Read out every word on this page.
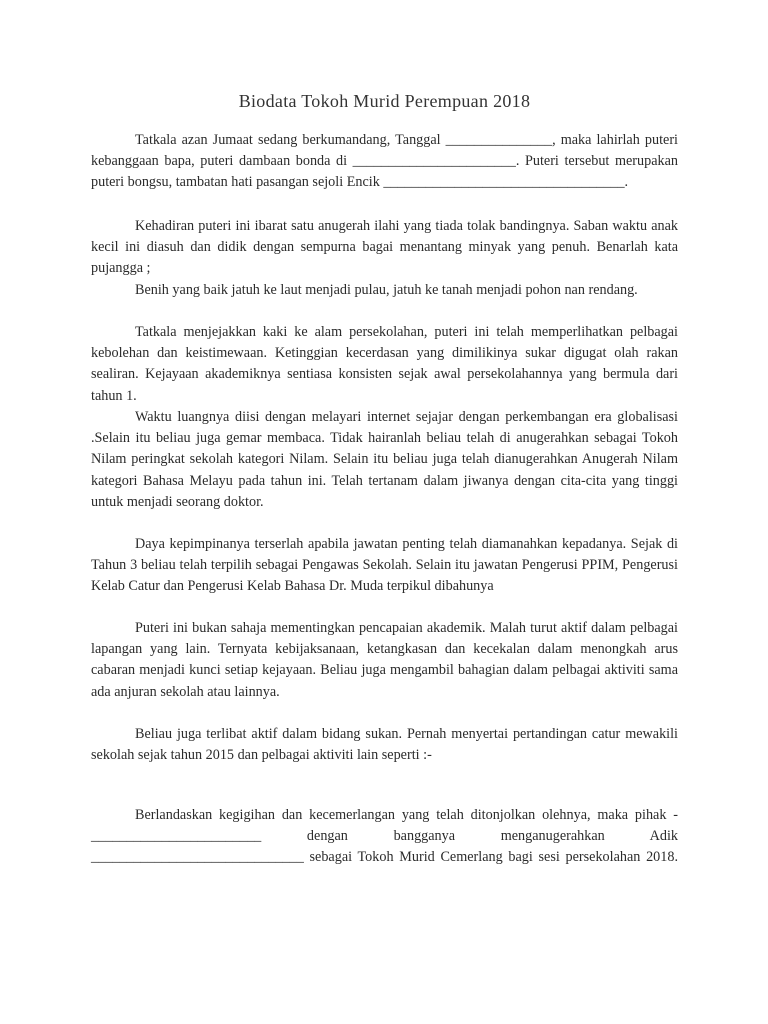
Biodata Tokoh Murid Perempuan 2018

Tatkala azan Jumaat sedang berkumandang, Tanggal _______________, maka lahirlah puteri kebanggaan bapa, puteri dambaan bonda di _______________________. Puteri tersebut merupakan puteri bongsu, tambatan hati pasangan sejoli Encik __________________________________.

Kehadiran puteri ini ibarat satu anugerah ilahi yang tiada tolak bandingnya. Saban waktu anak kecil ini diasuh dan didik dengan sempurna bagai menantang minyak yang penuh. Benarlah kata pujangga ;

Benih yang baik jatuh ke laut menjadi pulau, jatuh ke tanah menjadi pohon nan rendang.

Tatkala menjejakkan kaki ke alam persekolahan, puteri ini telah memperlihatkan pelbagai kebolehan dan keistimewaan. Ketinggian kecerdasan yang dimilikinya sukar digugat olah rakan sealiran. Kejayaan akademiknya sentiasa konsisten sejak awal persekolahannya yang bermula dari tahun 1.

Waktu luangnya diisi dengan melayari internet sejajar dengan perkembangan era globalisasi .Selain itu beliau juga gemar membaca. Tidak hairanlah beliau telah di anugerahkan sebagai Tokoh Nilam peringkat sekolah kategori Nilam. Selain itu beliau juga telah dianugerahkan Anugerah Nilam kategori Bahasa Melayu pada tahun ini. Telah tertanam dalam jiwanya dengan cita-cita yang tinggi untuk menjadi seorang doktor.

Daya kepimpinanya terserlah apabila jawatan penting telah diamanahkan kepadanya. Sejak di Tahun 3 beliau telah terpilih sebagai Pengawas Sekolah. Selain itu jawatan Pengerusi PPIM, Pengerusi Kelab Catur dan Pengerusi Kelab Bahasa Dr. Muda terpikul dibahunya

Puteri ini bukan sahaja mementingkan pencapaian akademik. Malah turut aktif dalam pelbagai lapangan yang lain. Ternyata kebijaksanaan, ketangkasan dan kecekalan dalam menongkah arus cabaran menjadi kunci setiap kejayaan. Beliau juga mengambil bahagian dalam pelbagai aktiviti sama ada anjuran sekolah atau lainnya.

Beliau juga terlibat aktif dalam bidang sukan. Pernah menyertai pertandingan catur mewakili sekolah sejak tahun 2015 dan pelbagai aktiviti lain seperti :-

Berlandaskan kegigihan dan kecemerlangan yang telah ditonjolkan olehnya, maka pihak - ________________________ dengan bangganya menganugerahkan Adik ______________________________ sebagai Tokoh Murid Cemerlang bagi sesi persekolahan 2018.
